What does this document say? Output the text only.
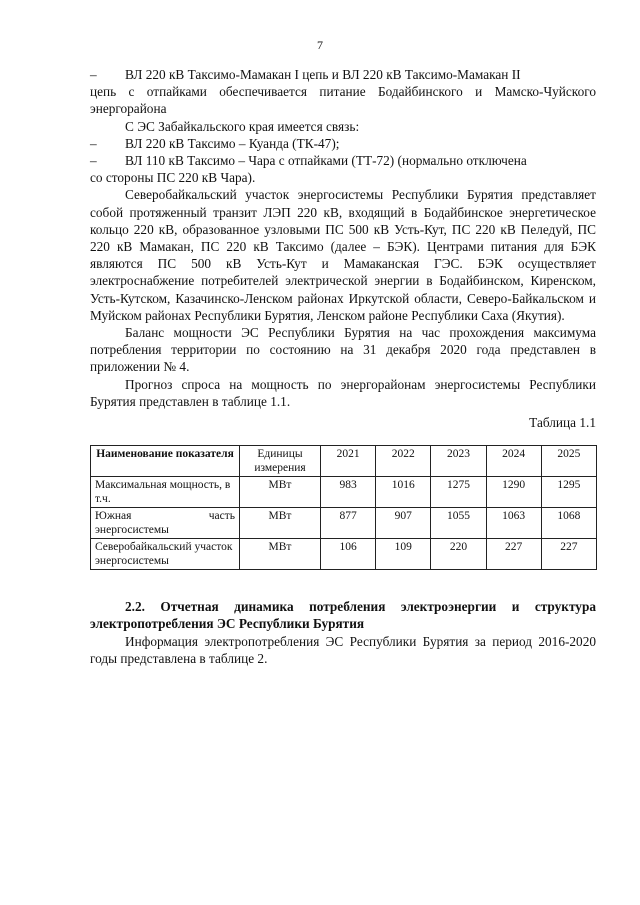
7
–	ВЛ 220 кВ Таксимо-Мамакан I цепь и ВЛ 220 кВ Таксимо-Мамакан II

цепь с отпайками обеспечивается питание Бодайбинского и Мамско-Чуйского энергорайона

С ЭС Забайкальского края имеется связь:

–	ВЛ 220 кВ Таксимо – Куанда (ТК-47);
–	ВЛ 110 кВ Таксимо – Чара с отпайками (ТТ-72) (нормально отключена

со стороны ПС 220 кВ Чара).

Северобайкальский участок энергосистемы Республики Бурятия представляет собой протяженный транзит ЛЭП 220 кВ, входящий в Бодайбинское энергетическое кольцо 220 кВ, образованное узловыми ПС 500 кВ Усть-Кут, ПС 220 кВ Пеледуй, ПС 220 кВ Мамакан, ПС 220 кВ Таксимо (далее – БЭК). Центрами питания для БЭК являются ПС 500 кВ Усть-Кут и Мамаканская ГЭС. БЭК осуществляет электроснабжение потребителей электрической энергии в Бодайбинском, Киренском, Усть-Кутском, Казачинско-Ленском районах Иркутской области, Северо-Байкальском и Муйском районах Республики Бурятия, Ленском районе Республики Саха (Якутия).

Баланс мощности ЭС Республики Бурятия на час прохождения максимума потребления территории по состоянию на 31 декабря 2020 года представлен в приложении № 4.

Прогноз спроса на мощность по энергорайонам энергосистемы Республики Бурятия представлен в таблице 1.1.

Таблица 1.1
Наименование показателя	Единицы измерения	2021	2022	2023	2024	2025
Максимальная мощность, в т.ч.	МВт	983	1016	1275	1290	1295

Южная часть
энергосистемы	МВт	877	907	1055	1063	1068
Северобайкальский участок энергосистемы	МВт	106	109	220	227	227

2.2. Отчетная динамика потребления электроэнергии и структура электропотребления ЭС Республики Бурятия

Информация электропотребления ЭС Республики Бурятия за период 2016-2020 годы представлена в таблице 2.
